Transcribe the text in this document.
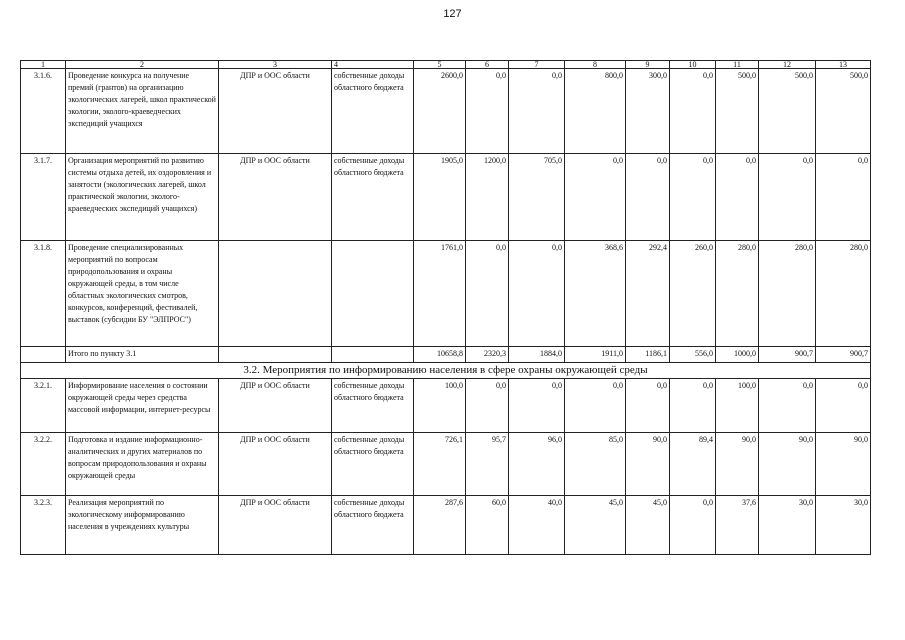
127
1	2	3	4	5	6	7	8	9	10	11	12	13
3.1.6.	Проведение конкурса на получение премий (грантов) на организацию экологических лагерей, школ практической экологии, эколого-краеведческих экспедиций учащихся	ДПР и ООС области	собственные доходы областного бюджета	2600,0	0,0	0,0	800,0	300,0	0,0	500,0	500,0	500,0
3.1.7.	Организация мероприятий по развитию системы отдыха детей, их оздоровления и занятости (экологических лагерей, школ практической экологии, эколого-краеведческих экспедиций учащихся)	ДПР и ООС области	собственные доходы областного бюджета	1905,0	1200,0	705,0	0,0	0,0	0,0	0,0	0,0	0,0
3.1.8.	Проведение специализированных мероприятий по вопросам природопользования и охраны окружающей среды, в том числе областных экологических смотров, конкурсов, конференций, фестивалей, выставок (субсидии БУ "ЭЛПРОС")			1761,0	0,0	0,0	368,6	292,4	260,0	280,0	280,0	280,0
	Итого по пункту 3.1			10658,8	2320,3	1884,0	1911,0	1186,1	556,0	1000,0	900,7	900,7
3.2. Мероприятия по информированию населения в сфере охраны окружающей среды												
3.2.1.	Информирование населения о состоянии окружающей среды через средства массовой информации, интернет-ресурсы	ДПР и ООС области	собственные доходы областного бюджета	100,0	0,0	0,0	0,0	0,0	0,0	100,0	0,0	0,0
3.2.2.	Подготовка и издание информационно-аналитических и других материалов по вопросам природопользования и охраны окружающей среды	ДПР и ООС области	собственные доходы областного бюджета	726,1	95,7	96,0	85,0	90,0	89,4	90,0	90,0	90,0
3.2.3.	Реализация мероприятий по экологическому информированию населения в учреждениях культуры	ДПР и ООС области	собственные доходы областного бюджета	287,6	60,0	40,0	45,0	45,0	0,0	37,6	30,0	30,0
